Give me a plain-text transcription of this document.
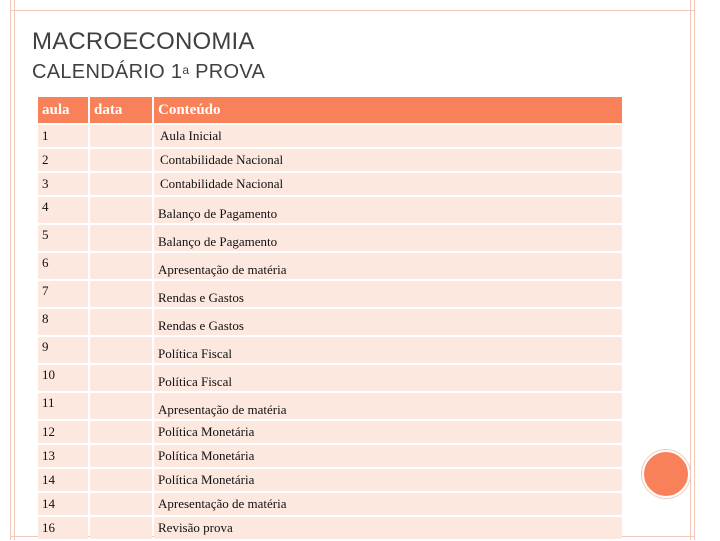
MACROECONOMIA
CALENDÁRIO 1$^a$ PROVA
aula	data	Conteúdo
1		Aula Inicial
2		Contabilidade Nacional
3		Contabilidade Nacional
4		Balanço de Pagamento
5		Balanço de Pagamento
6		Apresentação de matéria
7		Rendas e Gastos
8		Rendas e Gastos
9		Política Fiscal
10		Política Fiscal
11		Apresentação de matéria
12		Política Monetária
13		Política Monetária
14		Política Monetária
14		Apresentação de matéria
16		Revisão prova
